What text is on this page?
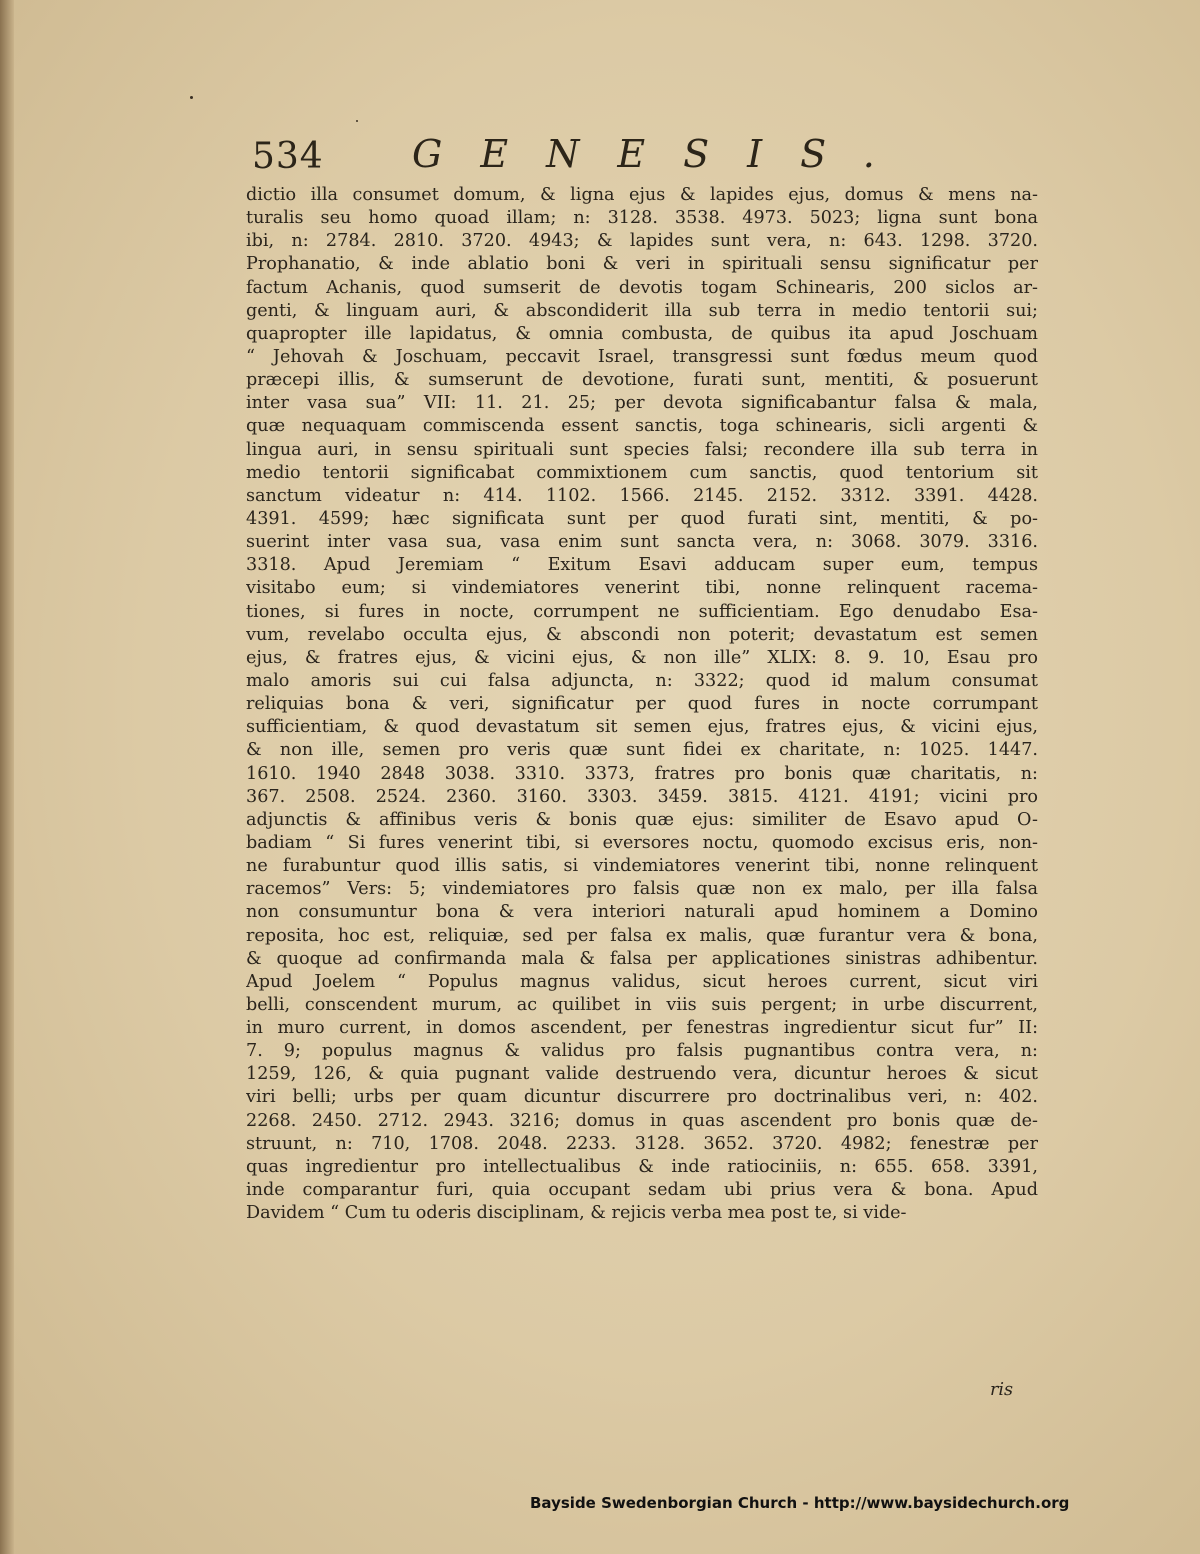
534 GENESIS.
dictio illa consumet domum, & ligna ejus & lapides ejus, domus & mens na-
turalis seu homo quoad illam; n: 3128. 3538. 4973. 5023; ligna sunt bona
ibi, n: 2784. 2810. 3720. 4943; & lapides sunt vera, n: 643. 1298. 3720.
Prophanatio, & inde ablatio boni & veri in spirituali sensu significatur per
factum Achanis, quod sumserit de devotis togam Schinearis, 200 siclos ar-
genti, & linguam auri, & abscondiderit illa sub terra in medio tentorii sui;
quapropter ille lapidatus, & omnia combusta, de quibus ita apud Joschuam
“ Jehovah & Joschuam, peccavit Israel, transgressi sunt fœdus meum quod
præcepi illis, & sumserunt de devotione, furati sunt, mentiti, & posuerunt
inter vasa sua” VII: 11. 21. 25; per devota significabantur falsa & mala,
quæ nequaquam commiscenda essent sanctis, toga schinearis, sicli argenti &
lingua auri, in sensu spirituali sunt species falsi; recondere illa sub terra in
medio tentorii significabat commixtionem cum sanctis, quod tentorium sit
sanctum videatur n: 414. 1102. 1566. 2145. 2152. 3312. 3391. 4428.
4391. 4599; hæc significata sunt per quod furati sint, mentiti, & po-
suerint inter vasa sua, vasa enim sunt sancta vera, n: 3068. 3079. 3316.
3318. Apud Jeremiam “ Exitum Esavi adducam super eum, tempus
visitabo eum; si vindemiatores venerint tibi, nonne relinquent racema-
tiones, si fures in nocte, corrumpent ne sufficientiam. Ego denudabo Esa-
vum, revelabo occulta ejus, & abscondi non poterit; devastatum est semen
ejus, & fratres ejus, & vicini ejus, & non ille” XLIX: 8. 9. 10, Esau pro
malo amoris sui cui falsa adjuncta, n: 3322; quod id malum consumat
reliquias bona & veri, significatur per quod fures in nocte corrumpant
sufficientiam, & quod devastatum sit semen ejus, fratres ejus, & vicini ejus,
& non ille, semen pro veris quæ sunt fidei ex charitate, n: 1025. 1447.
1610. 1940 2848 3038. 3310. 3373, fratres pro bonis quæ charitatis, n:
367. 2508. 2524. 2360. 3160. 3303. 3459. 3815. 4121. 4191; vicini pro
adjunctis & affinibus veris & bonis quæ ejus: similiter de Esavo apud O-
badiam “ Si fures venerint tibi, si eversores noctu, quomodo excisus eris, non-
ne furabuntur quod illis satis, si vindemiatores venerint tibi, nonne relinquent
racemos” Vers: 5; vindemiatores pro falsis quæ non ex malo, per illa falsa
non consumuntur bona & vera interiori naturali apud hominem a Domino
reposita, hoc est, reliquiæ, sed per falsa ex malis, quæ furantur vera & bona,
& quoque ad confirmanda mala & falsa per applicationes sinistras adhibentur.
Apud Joelem “ Populus magnus validus, sicut heroes current, sicut viri
belli, conscendent murum, ac quilibet in viis suis pergent; in urbe discurrent,
in muro current, in domos ascendent, per fenestras ingredientur sicut fur” II:
7. 9; populus magnus & validus pro falsis pugnantibus contra vera, n:
1259, 126, & quia pugnant valide destruendo vera, dicuntur heroes & sicut
viri belli; urbs per quam dicuntur discurrere pro doctrinalibus veri, n: 402.
2268. 2450. 2712. 2943. 3216; domus in quas ascendent pro bonis quæ de-
struunt, n: 710, 1708. 2048. 2233. 3128. 3652. 3720. 4982; fenestræ per
quas ingredientur pro intellectualibus & inde ratiociniis, n: 655. 658. 3391,
inde comparantur furi, quia occupant sedam ubi prius vera & bona. Apud
Davidem “ Cum tu oderis disciplinam, & rejicis verba mea post te, si vide-
ris
Bayside Swedenborgian Church - http://www.baysidechurch.org
